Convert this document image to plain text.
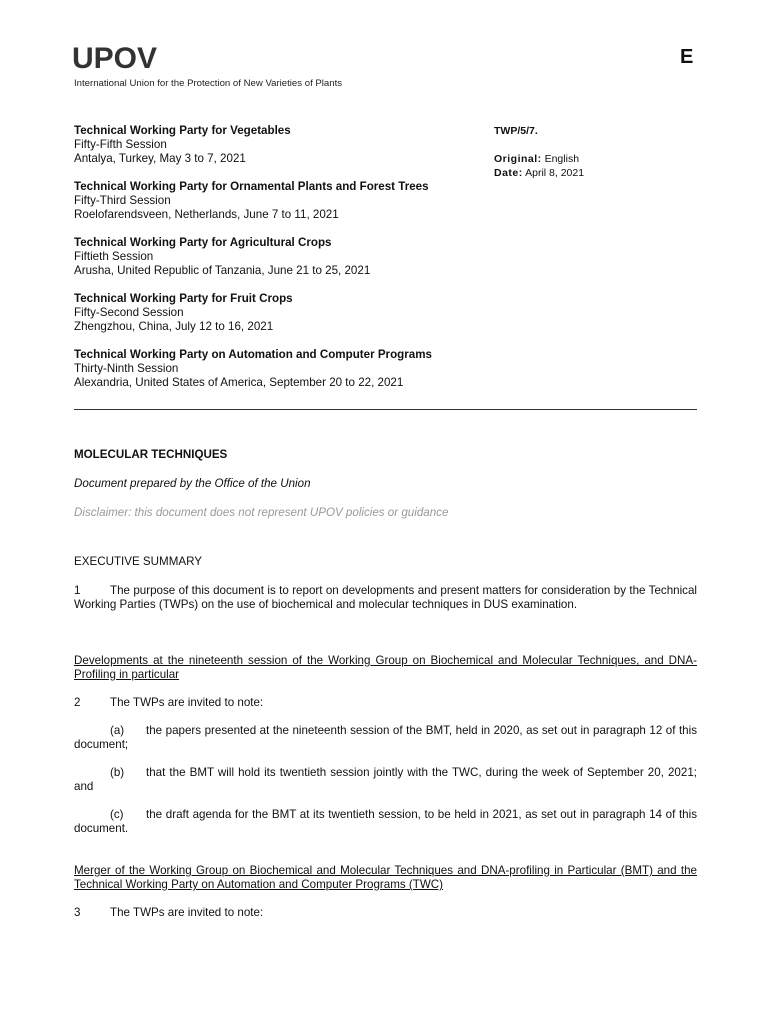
UPOV	E
International Union for the Protection of New Varieties of Plants
Technical Working Party for Vegetables
Fifty-Fifth Session
Antalya, Turkey, May 3 to 7, 2021
Technical Working Party for Ornamental Plants and Forest Trees
Fifty-Third Session
Roelofarendsveen, Netherlands, June 7 to 11, 2021
Technical Working Party for Agricultural Crops
Fiftieth Session
Arusha, United Republic of Tanzania, June 21 to 25, 2021
Technical Working Party for Fruit Crops
Fifty-Second Session
Zhengzhou, China, July 12 to 16, 2021
Technical Working Party on Automation and Computer Programs
Thirty-Ninth Session
Alexandria, United States of America, September 20 to 22, 2021
TWP/5/7.
Original: English
Date: April 8, 2021
MOLECULAR TECHNIQUES
Document prepared by the Office of the Union
Disclaimer: this document does not represent UPOV policies or guidance
EXECUTIVE SUMMARY
1	The purpose of this document is to report on developments and present matters for consideration by the Technical Working Parties (TWPs) on the use of biochemical and molecular techniques in DUS examination.
Developments at the nineteenth session of the Working Group on Biochemical and Molecular Techniques, and DNA-Profiling in particular
2	The TWPs are invited to note:
(a) the papers presented at the nineteenth session of the BMT, held in 2020, as set out in paragraph 12 of this document;
(b) that the BMT will hold its twentieth session jointly with the TWC, during the week of September 20, 2021; and
(c) the draft agenda for the BMT at its twentieth session, to be held in 2021, as set out in paragraph 14 of this document.
Merger of the Working Group on Biochemical and Molecular Techniques and DNA-profiling in Particular (BMT) and the Technical Working Party on Automation and Computer Programs (TWC)
3	The TWPs are invited to note:
